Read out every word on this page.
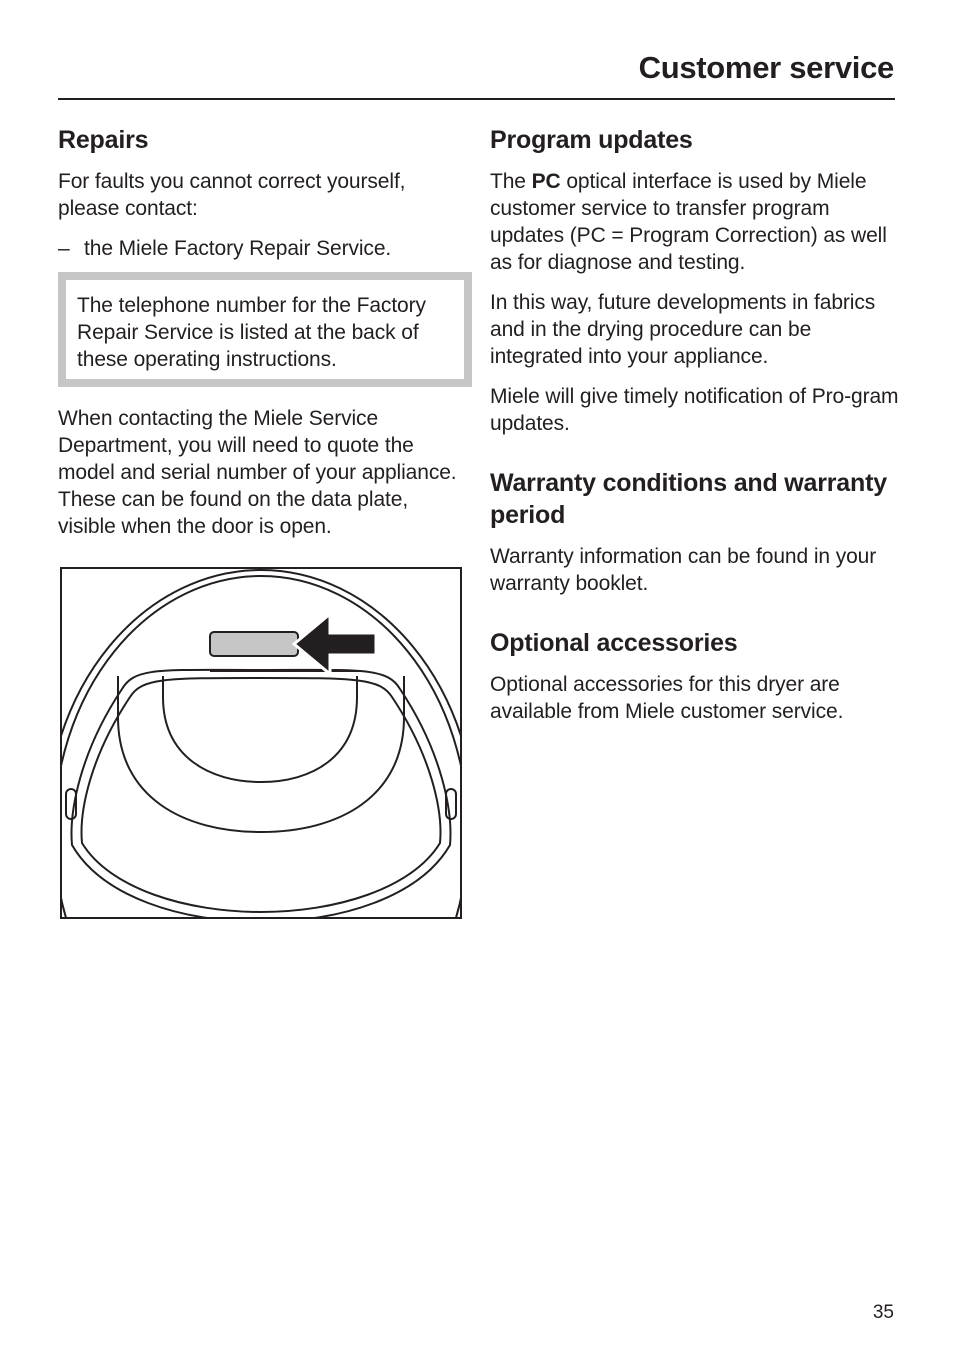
Customer service
Repairs

For faults you cannot correct yourself, please contact:

– the Miele Factory Repair Service.

The telephone number for the Factory Repair Service is listed at the back of these operating instructions.

When contacting the Miele Service Department, you will need to quote the model and serial number of your appliance.

These can be found on the data plate, visible when the door is open.

Program updates

The PC optical interface is used by Miele customer service to transfer program updates (PC = Program Correction) as well as for diagnose and testing.

In this way, future developments in fabrics and in the drying procedure can be integrated into your appliance.

Miele will give timely notification of Pro-gram updates.

Warranty conditions and warranty period

Warranty information can be found in your warranty booklet.

Optional accessories

Optional accessories for this dryer are available from Miele customer service.

35
